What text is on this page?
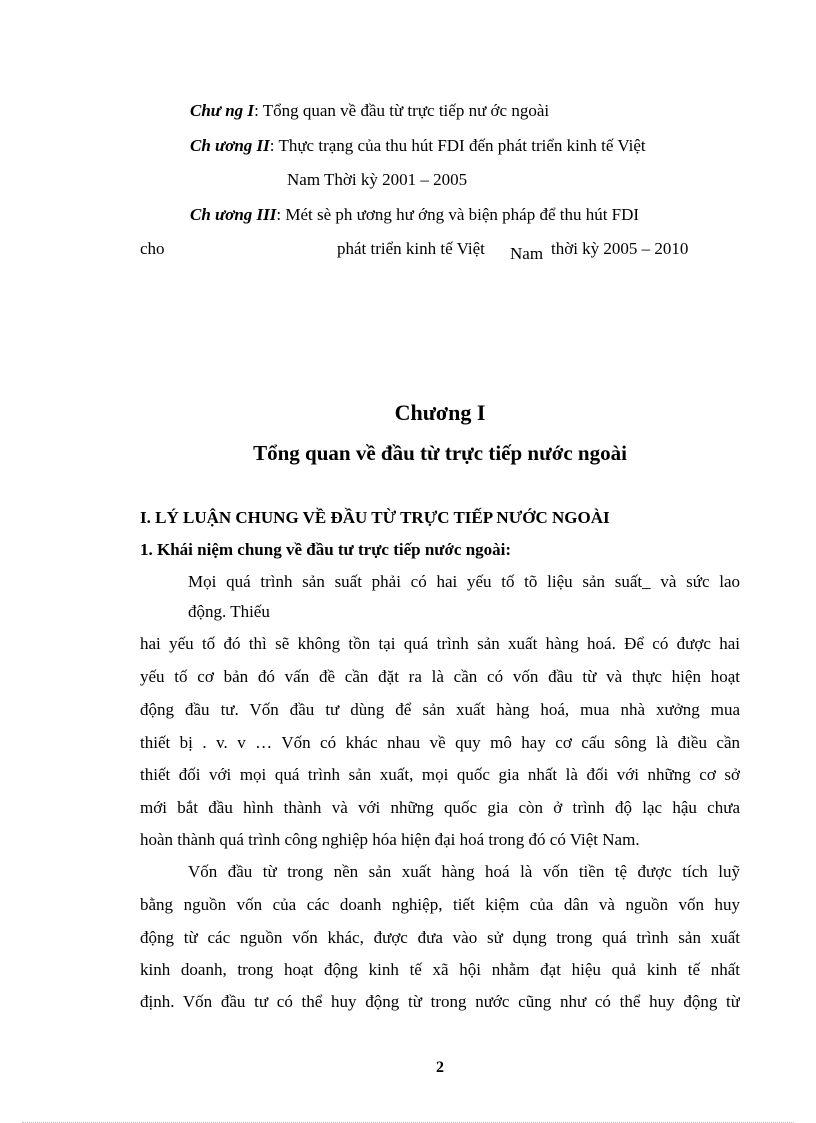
Chư ng I: Tổng quan về đầu từ trực tiếp nư ớc ngoài
Ch ương II: Thực trạng của thu hút FDI đến phát triển kinh tế Việt
Nam Thời kỳ 2001 – 2005
Ch ương III: Mét sè ph ương hư ớng và biện pháp để thu hút FDI
cho	phát triển kinh tế Việt Nam thời kỳ 2005 – 2010
Chương I
Tổng quan về đầu từ trực tiếp nước ngoài
I. LÝ LUẬN CHUNG VỀ ĐẦU TỪ TRỰC TIẾP NƯỚC NGOÀI
1. Khái niệm chung về đầu tư trực tiếp nước ngoài:
Mọi quá trình sản suất phải có hai yếu tố tõ liệu sản suất_ và sức lao
động. Thiếu
hai yếu tố đó thì sẽ không tồn tại quá trình sản xuất hàng hoá. Để có được hai
yếu tố cơ bản đó vấn đề cần đặt ra là cần có vốn đầu từ và thực hiện hoạt
động đầu tư. Vốn đầu tư dùng để sản xuất hàng hoá, mua nhà xưởng mua
thiết bị . v. v … Vốn có khác nhau về quy mô hay cơ cấu sông là điều cần
thiết đối với mọi quá trình sản xuất, mọi quốc gia nhất là đối với những cơ sở
mới bắt đầu hình thành và với những quốc gia còn ở trình độ lạc hậu chưa
hoàn thành quá trình công nghiệp hóa hiện đại hoá trong đó có Việt Nam.
Vốn đầu từ trong nền sản xuất hàng hoá là vốn tiền tệ được tích luỹ
bằng nguồn vốn của các doanh nghiệp, tiết kiệm của dân và nguồn vốn huy
động từ các nguồn vốn khác, được đưa vào sử dụng trong quá trình sản xuất
kinh doanh, trong hoạt động kinh tế xã hội nhằm đạt hiệu quả kinh tế nhất
định. Vốn đầu tư có thể huy động từ trong nước cũng như có thể huy động từ
2
